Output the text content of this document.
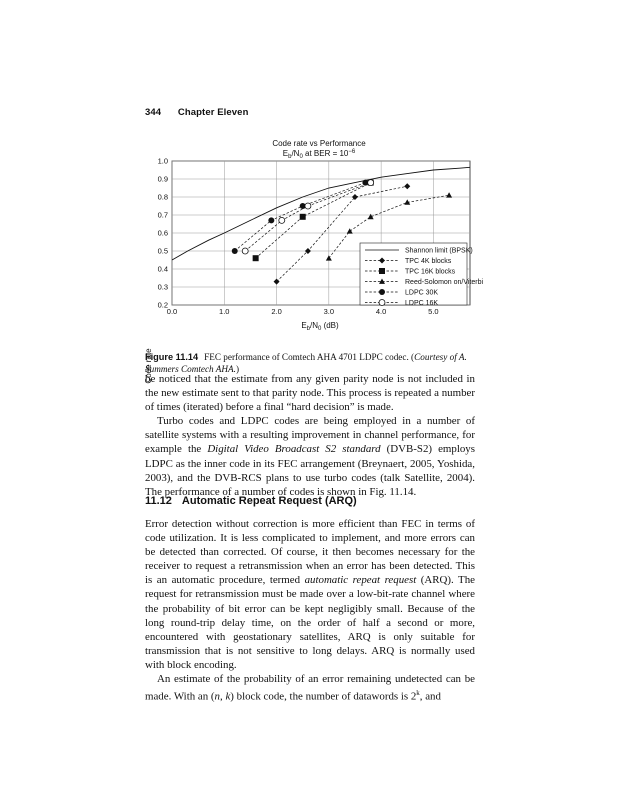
344 Chapter Eleven
Code rate vs Performance
$E_b/N_0$ at BER = $10^{-6}$
0.0	1.0	2.0	3.0	4.0	5.0
0.2
0.3
0.4
0.5
0.6
0.7
0.8
0.9
1.0
Code rate
$E_b/N_0$ (dB)
Shannon limit (BPSK)
TPC 4K blocks
TPC 16K blocks
Reed-Solomon on/Viterbi
LDPC 30K
LDPC 16K
Figure 11.14 FEC performance of Comtech AHA 4701 LDPC codec. (Courtesy of A. Summers Comtech AHA.)

be noticed that the estimate from any given parity node is not included in the new estimate sent to that parity node. This process is repeated a number of times (iterated) before a final “hard decision” is made.

Turbo codes and LDPC codes are being employed in a number of satellite systems with a resulting improvement in channel performance, for example the Digital Video Broadcast S2 standard (DVB-S2) employs LDPC as the inner code in its FEC arrangement (Breynaert, 2005, Yoshida, 2003), and the DVB-RCS plans to use turbo codes (talk Satellite, 2004). The performance of a number of codes is shown in Fig. 11.14.

11.12 Automatic Repeat Request (ARQ)

Error detection without correction is more efficient than FEC in terms of code utilization. It is less complicated to implement, and more errors can be detected than corrected. Of course, it then becomes necessary for the receiver to request a retransmission when an error has been detected. This is an automatic procedure, termed automatic repeat request (ARQ). The request for retransmission must be made over a low-bit-rate channel where the probability of bit error can be kept negligibly small. Because of the long round-trip delay time, on the order of half a second or more, encountered with geostationary satellites, ARQ is only suitable for transmission that is not sensitive to long delays. ARQ is normally used with block encoding.

An estimate of the probability of an error remaining undetected can be made. With an (n, k) block code, the number of datawords is 2$^k$, and
